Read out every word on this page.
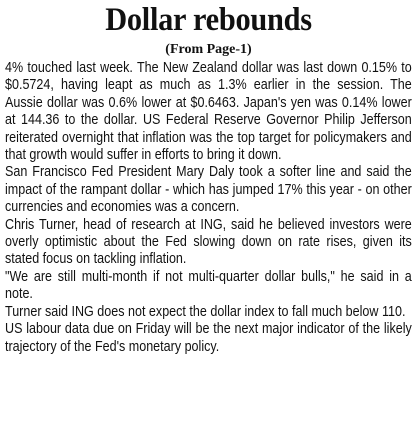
Dollar rebounds
(From Page-1)

4% touched last week. The New Zealand dollar was last down 0.15% to $0.5724, having leapt as much as 1.3% earlier in the session. The Aussie dollar was 0.6% lower at $0.6463. Japan's yen was 0.14% lower at 144.36 to the dollar. US Federal Reserve Governor Philip Jefferson reiterated overnight that inflation was the top target for policymakers and that growth would suffer in efforts to bring it down.

San Francisco Fed President Mary Daly took a softer line and said the impact of the rampant dollar - which has jumped 17% this year - on other currencies and economies was a concern.

Chris Turner, head of research at ING, said he believed investors were overly optimistic about the Fed slowing down on rate rises, given its stated focus on tackling inflation.

"We are still multi-month if not multi-quarter dollar bulls," he said in a note.

Turner said ING does not expect the dollar index to fall much below 110.

US labour data due on Friday will be the next major indicator of the likely trajectory of the Fed's monetary policy.
